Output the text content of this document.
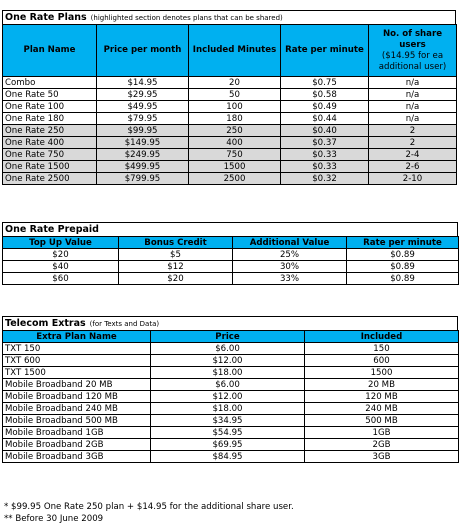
One Rate Plans (highlighted section denotes plans that can be shared)
Plan Name	Price per month	Included Minutes	Rate per minute	No. of share users
($14.95 for ea additional user)
Combo	$14.95	20	$0.75	n/a
One Rate 50	$29.95	50	$0.58	n/a
One Rate 100	$49.95	100	$0.49	n/a
One Rate 180	$79.95	180	$0.44	n/a
One Rate 250	$99.95	250	$0.40	2
One Rate 400	$149.95	400	$0.37	2
One Rate 750	$249.95	750	$0.33	2-4
One Rate 1500	$499.95	1500	$0.33	2-6
One Rate 2500	$799.95	2500	$0.32	2-10
One Rate Prepaid
Top Up Value	Bonus Credit	Additional Value	Rate per minute
$20	$5	25%	$0.89
$40	$12	30%	$0.89
$60	$20	33%	$0.89
Telecom Extras (for Texts and Data)
Extra Plan Name	Price	Included
TXT 150	$6.00	150
TXT 600	$12.00	600
TXT 1500	$18.00	1500
Mobile Broadband 20 MB	$6.00	20 MB
Mobile Broadband 120 MB	$12.00	120 MB
Mobile Broadband 240 MB	$18.00	240 MB
Mobile Broadband 500 MB	$34.95	500 MB
Mobile Broadband 1GB	$54.95	1GB
Mobile Broadband 2GB	$69.95	2GB
Mobile Broadband 3GB	$84.95	3GB
* $99.95 One Rate 250 plan + $14.95 for the additional share user.
** Before 30 June 2009
